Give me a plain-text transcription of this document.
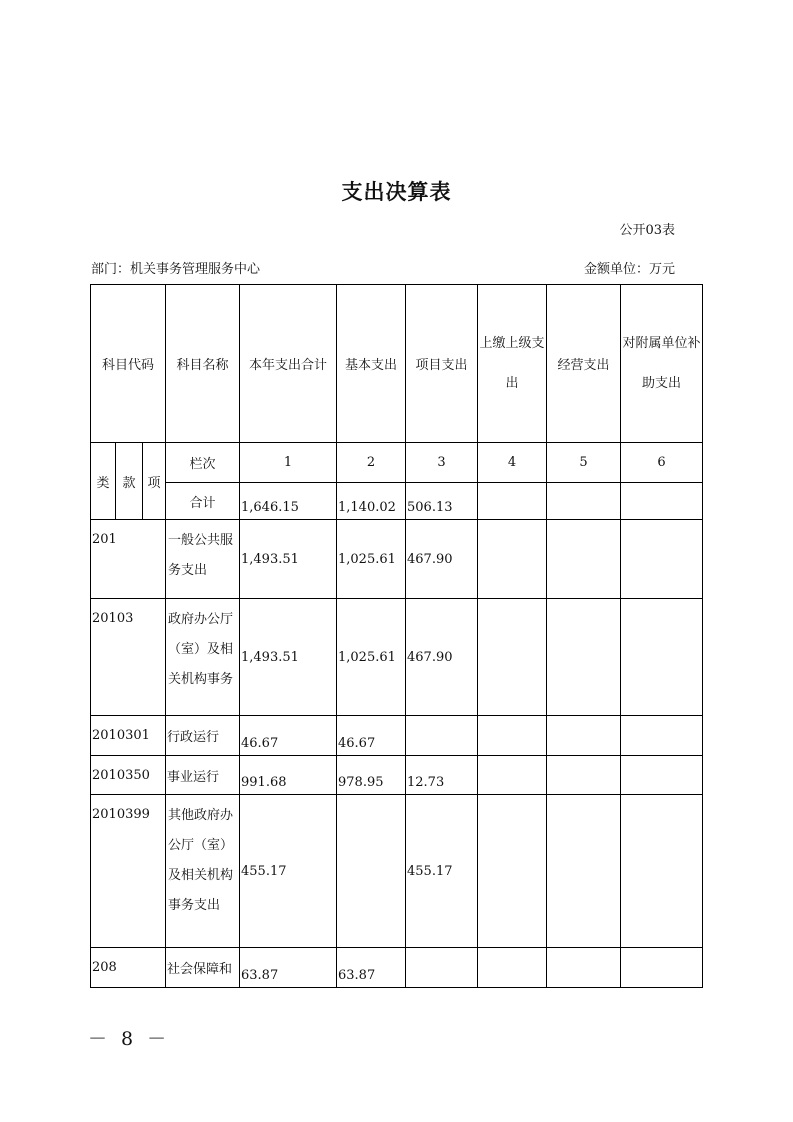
支出决算表
公开03表
部门：机关事务管理服务中心	金额单位：万元
科目代码			科目名称	本年支出合计	基本支出	项目支出	上缴上级支出	经营支出	对附属单位补助支出
类	款	项	栏次	1	2	3	4	5	6
			合计	1,646.15	1,140.02	506.13			
201			一般公共服务支出	1,493.51	1,025.61	467.90			
20103			政府办公厅（室）及相关机构事务	1,493.51	1,025.61	467.90			
2010301			行政运行	46.67	46.67				
2010350			事业运行	991.68	978.95	12.73			
2010399			其他政府办公厅（室）及相关机构事务支出	455.17		455.17			
208			社会保障和	63.87	63.87				
－ 8 －
